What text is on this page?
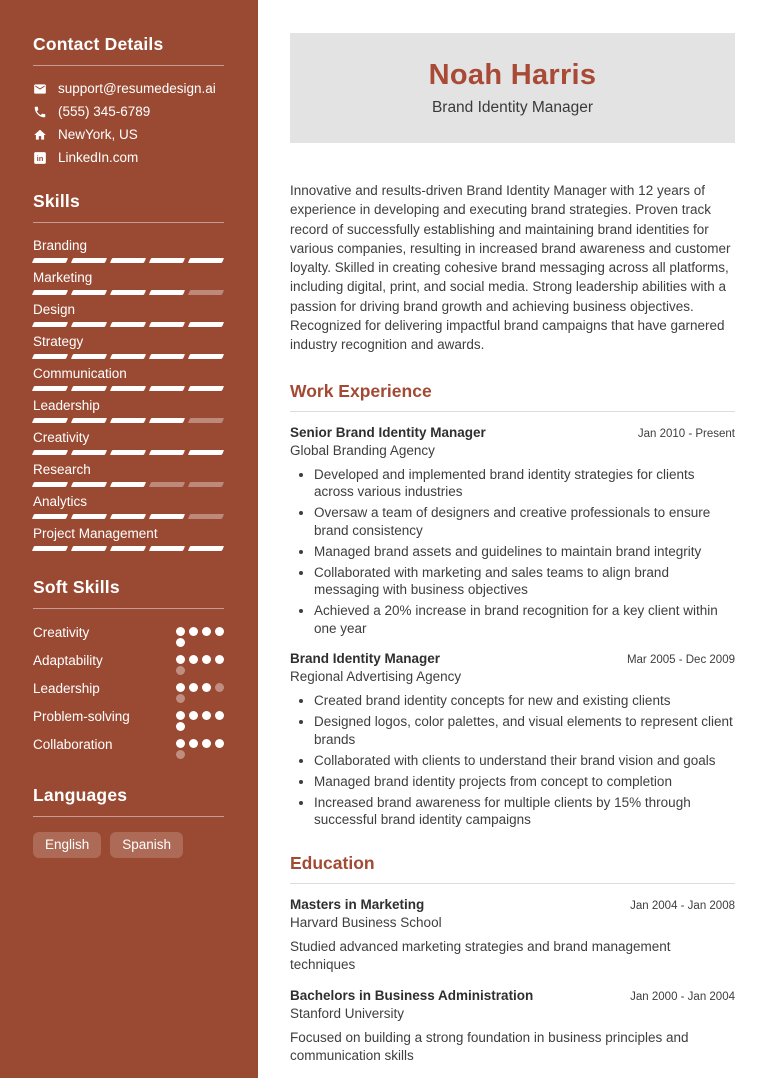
Contact Details
support@resumedesign.ai
(555) 345-6789
NewYork, US
in LinkedIn.com
Skills
Branding
Marketing
Design
Strategy
Communication
Leadership
Creativity
Research
Analytics
Project Management
Soft Skills
Creativity
Adaptability
Leadership
Problem-solving
Collaboration
Languages
English	Spanish
Noah Harris
Brand Identity Manager

Innovative and results-driven Brand Identity Manager with 12 years of experience in developing and executing brand strategies. Proven track record of successfully establishing and maintaining brand identities for various companies, resulting in increased brand awareness and customer loyalty. Skilled in creating cohesive brand messaging across all platforms, including digital, print, and social media. Strong leadership abilities with a passion for driving brand growth and achieving business objectives. Recognized for delivering impactful brand campaigns that have garnered industry recognition and awards.

Work Experience
Senior Brand Identity Manager	Jan 2010 - Present
Global Branding Agency
• Developed and implemented brand identity strategies for clients across various industries
• Oversaw a team of designers and creative professionals to ensure brand consistency
• Managed brand assets and guidelines to maintain brand integrity
• Collaborated with marketing and sales teams to align brand messaging with business objectives
• Achieved a 20% increase in brand recognition for a key client within one year
Brand Identity Manager	Mar 2005 - Dec 2009
Regional Advertising Agency
• Created brand identity concepts for new and existing clients
• Designed logos, color palettes, and visual elements to represent client brands
• Collaborated with clients to understand their brand vision and goals
• Managed brand identity projects from concept to completion
• Increased brand awareness for multiple clients by 15% through successful brand identity campaigns
Education
Masters in Marketing	Jan 2004 - Jan 2008
Harvard Business School

Studied advanced marketing strategies and brand management techniques

Bachelors in Business Administration	Jan 2000 - Jan 2004
Stanford University

Focused on building a strong foundation in business principles and communication skills
